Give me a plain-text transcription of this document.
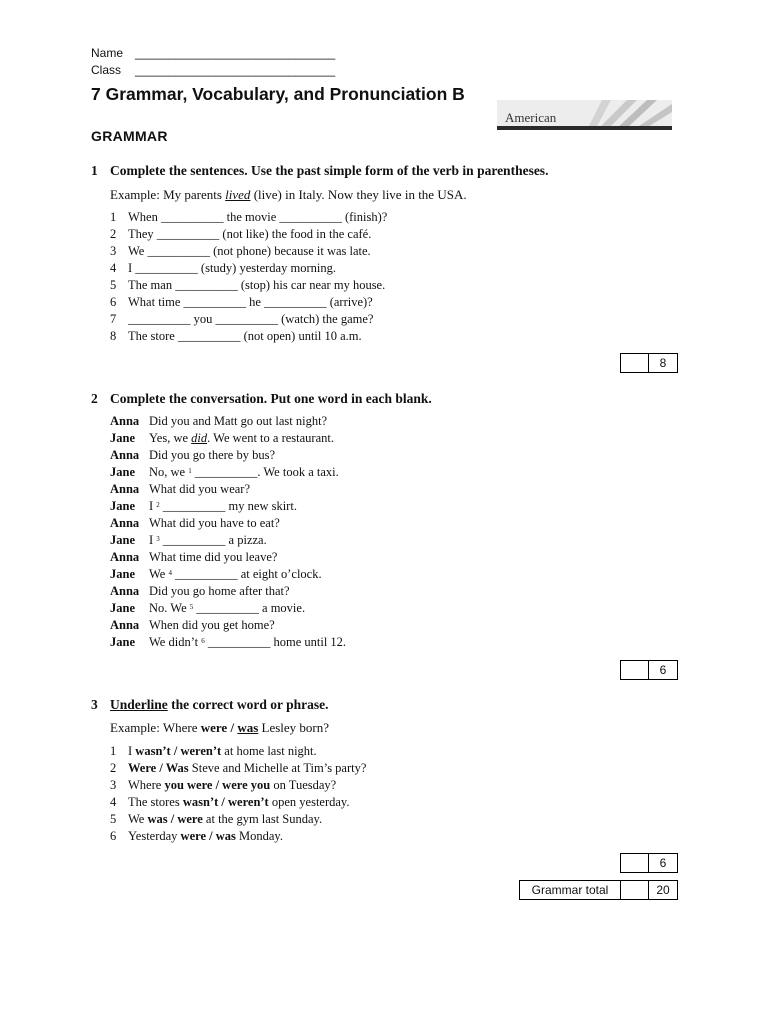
Name ______________________________
Class ______________________________
7 Grammar, Vocabulary, and Pronunciation B
American
GRAMMAR
1 Complete the sentences. Use the past simple form of the verb in parentheses.
Example: My parents lived (live) in Italy. Now they live in the USA.
1 When __________ the movie __________ (finish)?
2 They __________ (not like) the food in the café.
3 We __________ (not phone) because it was late.
4 I __________ (study) yesterday morning.
5 The man __________ (stop) his car near my house.
6 What time __________ he __________ (arrive)?
7 __________ you __________ (watch) the game?
8 The store __________ (not open) until 10 a.m.
8
2 Complete the conversation. Put one word in each blank.
Anna Did you and Matt go out last night?
Jane Yes, we did. We went to a restaurant.
Anna Did you go there by bus?
Jane No, we $^1$ __________. We took a taxi.
Anna What did you wear?
Jane I $^2$ __________ my new skirt.
Anna What did you have to eat?
Jane I $^3$ __________ a pizza.
Anna What time did you leave?
Jane We $^4$ __________ at eight o’clock.
Anna Did you go home after that?
Jane No. We $^5$ __________ a movie.
Anna When did you get home?
Jane We didn’t $^6$ __________ home until 12.
6
3 Underline the correct word or phrase.
Example: Where were / was Lesley born?
1 I wasn’t / weren’t at home last night.
2 Were / Was Steve and Michelle at Tim’s party?
3 Where you were / were you on Tuesday?
4 The stores wasn’t / weren’t open yesterday.
5 We was / were at the gym last Sunday.
6 Yesterday were / was Monday.
6
Grammar total	20
